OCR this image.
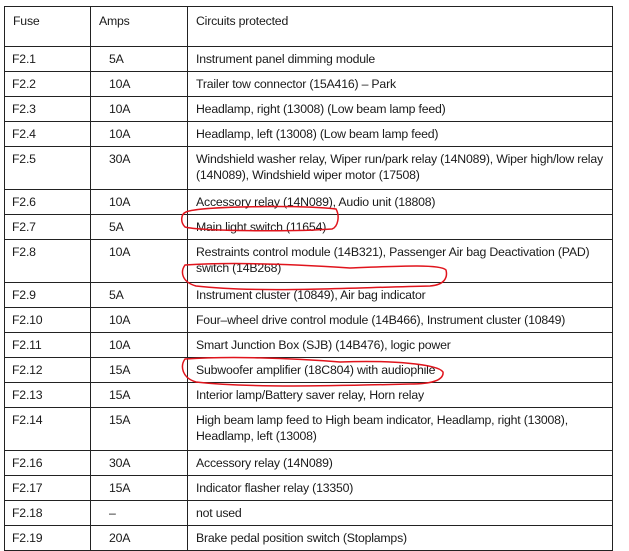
Fuse	Amps	Circuits protected
F2.1	5A	Instrument panel dimming module
F2.2	10A	Trailer tow connector (15A416) – Park
F2.3	10A	Headlamp, right (13008) (Low beam lamp feed)
F2.4	10A	Headlamp, left (13008) (Low beam lamp feed)
F2.5	30A	Windshield washer relay, Wiper run/park relay (14N089), Wiper high/low relay (14N089), Windshield wiper motor (17508)
F2.6	10A	Accessory relay (14N089), Audio unit (18808)
F2.7	5A	Main light switch (11654)
F2.8	10A	Restraints control module (14B321), Passenger Air bag Deactivation (PAD) switch (14B268)
F2.9	5A	Instrument cluster (10849), Air bag indicator
F2.10	10A	Four–wheel drive control module (14B466), Instrument cluster (10849)
F2.11	10A	Smart Junction Box (SJB) (14B476), logic power
F2.12	15A	Subwoofer amplifier (18C804) with audiophile
F2.13	15A	Interior lamp/Battery saver relay, Horn relay
F2.14	15A	High beam lamp feed to High beam indicator, Headlamp, right (13008), Headlamp, left (13008)
F2.16	30A	Accessory relay (14N089)
F2.17	15A	Indicator flasher relay (13350)
F2.18	–	not used
F2.19	20A	Brake pedal position switch (Stoplamps)
